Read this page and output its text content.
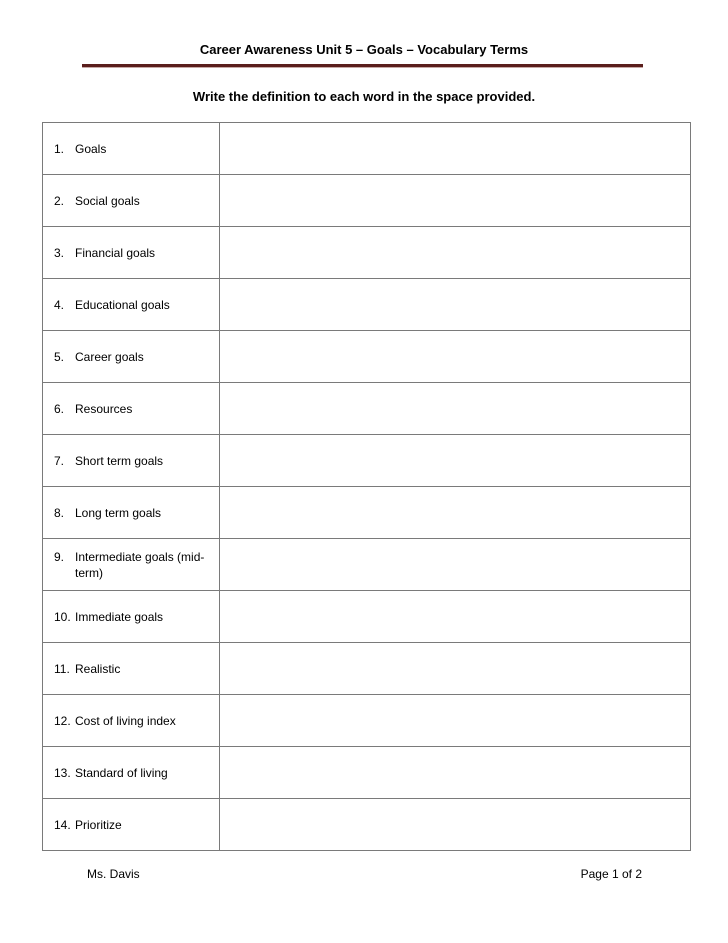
Career Awareness Unit 5 – Goals – Vocabulary Terms
Write the definition to each word in the space provided.
1. Goals	

2. Social goals	

3. Financial goals	

4. Educational goals	

5. Career goals	

6. Resources	

7. Short term goals	

8. Long term goals	

9. Intermediate goals (mid-term)	

10. Immediate goals	

11. Realistic	

12. Cost of living index	

13. Standard of living	

14. Prioritize	

Ms. Davis	Page 1 of 2
